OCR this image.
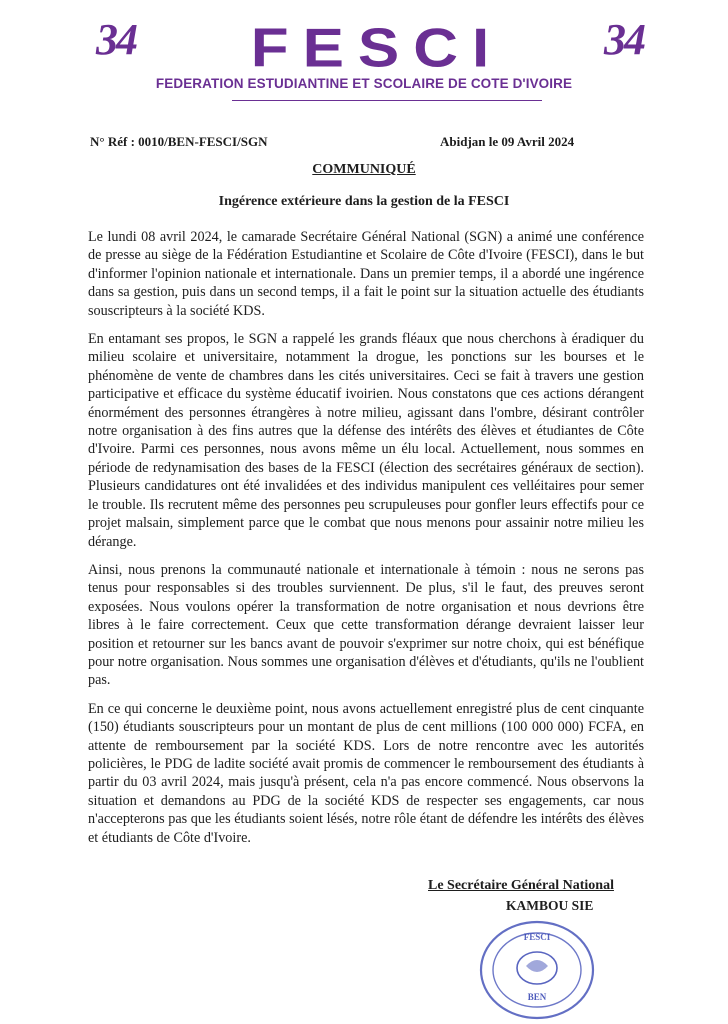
34	34
FESCI
FEDERATION ESTUDIANTINE ET SCOLAIRE DE COTE D'IVOIRE
N° Réf : 0010/BEN-FESCI/SGN	Abidjan le 09 Avril 2024
COMMUNIQUÉ
Ingérence extérieure dans la gestion de la FESCI

Le lundi 08 avril 2024, le camarade Secrétaire Général National (SGN) a animé une conférence de presse au siège de la Fédération Estudiantine et Scolaire de Côte d'Ivoire (FESCI), dans le but d'informer l'opinion nationale et internationale. Dans un premier temps, il a abordé une ingérence dans sa gestion, puis dans un second temps, il a fait le point sur la situation actuelle des étudiants souscripteurs à la société KDS.

En entamant ses propos, le SGN a rappelé les grands fléaux que nous cherchons à éradiquer du milieu scolaire et universitaire, notamment la drogue, les ponctions sur les bourses et le phénomène de vente de chambres dans les cités universitaires. Ceci se fait à travers une gestion participative et efficace du système éducatif ivoirien. Nous constatons que ces actions dérangent énormément des personnes étrangères à notre milieu, agissant dans l'ombre, désirant contrôler notre organisation à des fins autres que la défense des intérêts des élèves et étudiantes de Côte d'Ivoire. Parmi ces personnes, nous avons même un élu local. Actuellement, nous sommes en période de redynamisation des bases de la FESCI (élection des secrétaires généraux de section). Plusieurs candidatures ont été invalidées et des individus manipulent ces velléitaires pour semer le trouble. Ils recrutent même des personnes peu scrupuleuses pour gonfler leurs effectifs pour ce projet malsain, simplement parce que le combat que nous menons pour assainir notre milieu les dérange.

Ainsi, nous prenons la communauté nationale et internationale à témoin : nous ne serons pas tenus pour responsables si des troubles surviennent. De plus, s'il le faut, des preuves seront exposées. Nous voulons opérer la transformation de notre organisation et nous devrions être libres à le faire correctement. Ceux que cette transformation dérange devraient laisser leur position et retourner sur les bancs avant de pouvoir s'exprimer sur notre choix, qui est bénéfique pour notre organisation. Nous sommes une organisation d'élèves et d'étudiants, qu'ils ne l'oublient pas.

En ce qui concerne le deuxième point, nous avons actuellement enregistré plus de cent cinquante (150) étudiants souscripteurs pour un montant de plus de cent millions (100 000 000) FCFA, en attente de remboursement par la société KDS. Lors de notre rencontre avec les autorités policières, le PDG de ladite société avait promis de commencer le remboursement des étudiants à partir du 03 avril 2024, mais jusqu'à présent, cela n'a pas encore commencé. Nous observons la situation et demandons au PDG de la société KDS de respecter ses engagements, car nous n'accepterons pas que les étudiants soient lésés, notre rôle étant de défendre les intérêts des élèves et étudiants de Côte d'Ivoire.

Le Secrétaire Général National
KAMBOU SIE
FESCI
BEN
